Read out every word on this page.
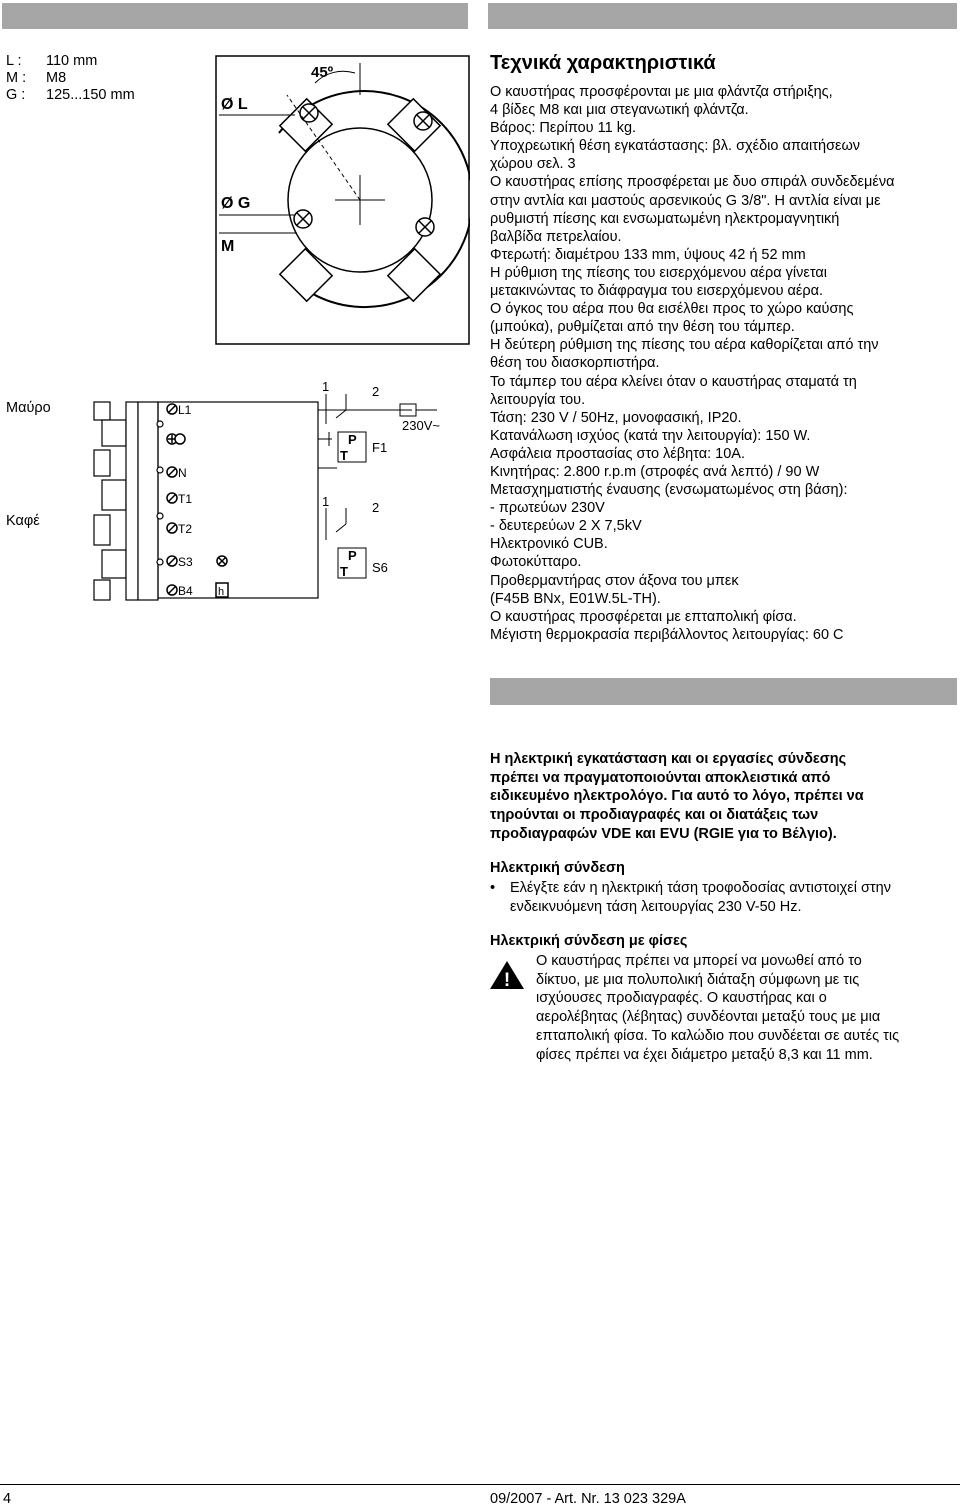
L :	110 mm
M :	M8
G :	125...150 mm
Μαύρο
Καφέ
45º
Ø L
Ø G
M
L1
N
T1
T2
S3
B4 h
1	2
1	2
230V~
F1
P
T
P
T S6
Τεχνικά χαρακτηριστικά
Ο καυστήρας προσφέρονται με μια φλάντζα στήριξης,
4 βίδες Μ8 και μια στεγανωτική φλάντζα.
Βάρος: Περίπου 11 kg.
Υποχρεωτική θέση εγκατάστασης: βλ. σχέδιο απαιτήσεων
χώρου σελ. 3
Ο καυστήρας επίσης προσφέρεται με δυο σπιράλ συνδεδεμένα
στην αντλία και μαστούς αρσενικούς G 3/8". Η αντλία είναι με
ρυθμιστή πίεσης και ενσωματωμένη ηλεκτρομαγνητική
βαλβίδα πετρελαίου.
Φτερωτή: διαμέτρου 133 mm, ύψους 42 ή 52 mm
Η ρύθμιση της πίεσης του εισερχόμενου αέρα γίνεται
μετακινώντας το διάφραγμα του εισερχόμενου αέρα.
Ο όγκος του αέρα που θα εισέλθει προς το χώρο καύσης
(μπούκα), ρυθμίζεται από την θέση του τάμπερ.
Η δεύτερη ρύθμιση της πίεσης του αέρα καθορίζεται από την
θέση του διασκορπιστήρα.
Το τάμπερ του αέρα κλείνει όταν ο καυστήρας σταματά τη
λειτουργία του.
Τάση: 230 V / 50Hz, μονοφασική, IP20.
Κατανάλωση ισχύος (κατά την λειτουργία): 150 W.
Ασφάλεια προστασίας στο λέβητα: 10A.
Κινητήρας: 2.800 r.p.m (στροφές ανά λεπτό) / 90 W
Μετασχηματιστής έναυσης (ενσωματωμένος στη βάση):
- πρωτεύων 230V
- δευτερεύων 2 X 7,5kV
Ηλεκτρονικό CUB.
Φωτοκύτταρο.
Προθερμαντήρας στον άξονα του μπεκ
(F45B BNx, E01W.5L-TH).
Ο καυστήρας προσφέρεται με επταπολική φίσα.
Μέγιστη θερμοκρασία περιβάλλοντος λειτουργίας: 60 C
Η ηλεκτρική εγκατάσταση και οι εργασίες σύνδεσης
πρέπει να πραγματοποιούνται αποκλειστικά από
ειδικευμένο ηλεκτρολόγο. Για αυτό το λόγο, πρέπει να
τηρούνται οι προδιαγραφές και οι διατάξεις των
προδιαγραφών VDE και EVU (RGIE για το Βέλγιο).
Ηλεκτρική σύνδεση
• Ελέγξτε εάν η ηλεκτρική τάση τροφοδοσίας αντιστοιχεί στην
ενδεικνυόμενη τάση λειτουργίας 230 V-50 Hz.
Ηλεκτρική σύνδεση με φίσες
!
Ο καυστήρας πρέπει να μπορεί να μονωθεί από το
δίκτυο, με μια πολυπολική διάταξη σύμφωνη με τις
ισχύουσες προδιαγραφές. Ο καυστήρας και ο
αερολέβητας (λέβητας) συνδέονται μεταξύ τους με μια
επταπολική φίσα. Το καλώδιο που συνδέεται σε αυτές τις
φίσες πρέπει να έχει διάμετρο μεταξύ 8,3 και 11 mm.
4	09/2007 - Art. Nr. 13 023 329A
